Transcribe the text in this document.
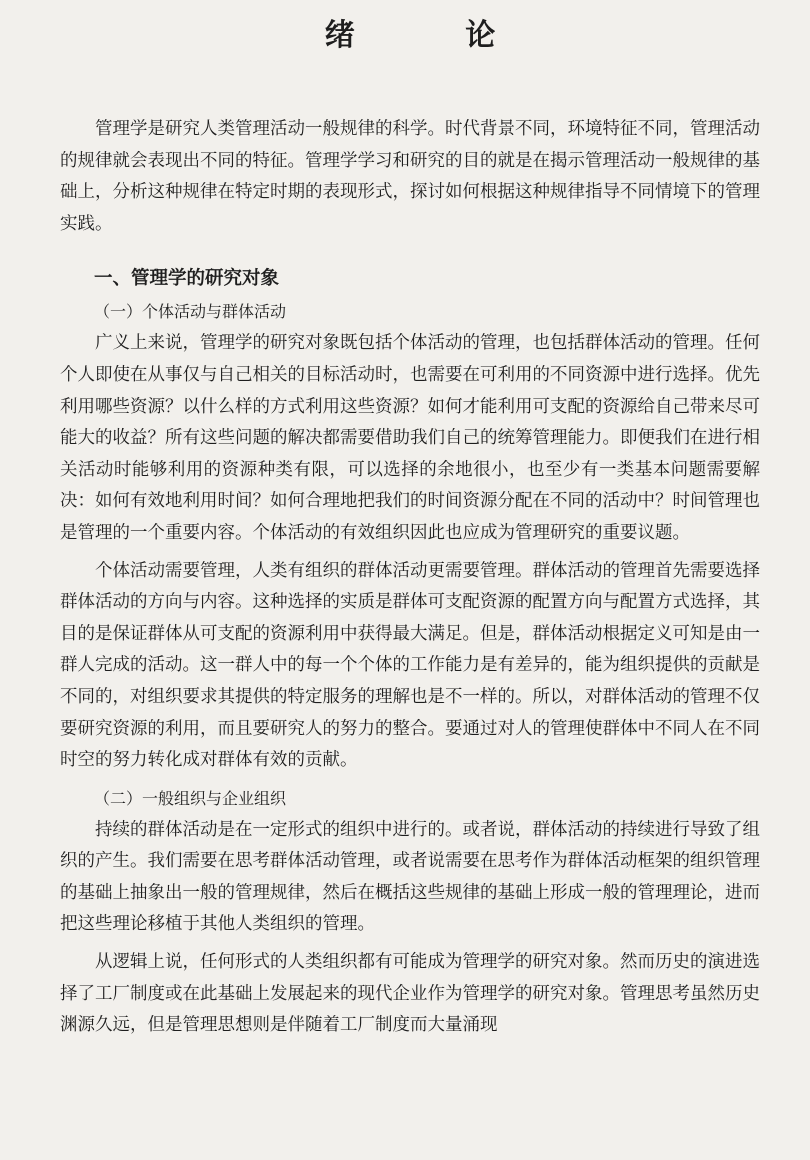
绪 论

管理学是研究人类管理活动一般规律的科学。时代背景不同，环境特征不同，管理活动的规律就会表现出不同的特征。管理学学习和研究的目的就是在揭示管理活动一般规律的基础上，分析这种规律在特定时期的表现形式，探讨如何根据这种规律指导不同情境下的管理实践。

一、管理学的研究对象
（一）个体活动与群体活动

广义上来说，管理学的研究对象既包括个体活动的管理，也包括群体活动的管理。任何个人即使在从事仅与自己相关的目标活动时，也需要在可利用的不同资源中进行选择。优先利用哪些资源？以什么样的方式利用这些资源？如何才能利用可支配的资源给自己带来尽可能大的收益？所有这些问题的解决都需要借助我们自己的统筹管理能力。即便我们在进行相关活动时能够利用的资源种类有限，可以选择的余地很小，也至少有一类基本问题需要解决：如何有效地利用时间？如何合理地把我们的时间资源分配在不同的活动中？时间管理也是管理的一个重要内容。个体活动的有效组织因此也应成为管理研究的重要议题。

个体活动需要管理，人类有组织的群体活动更需要管理。群体活动的管理首先需要选择群体活动的方向与内容。这种选择的实质是群体可支配资源的配置方向与配置方式选择，其目的是保证群体从可支配的资源利用中获得最大满足。但是，群体活动根据定义可知是由一群人完成的活动。这一群人中的每一个个体的工作能力是有差异的，能为组织提供的贡献是不同的，对组织要求其提供的特定服务的理解也是不一样的。所以，对群体活动的管理不仅要研究资源的利用，而且要研究人的努力的整合。要通过对人的管理使群体中不同人在不同时空的努力转化成对群体有效的贡献。

（二）一般组织与企业组织

持续的群体活动是在一定形式的组织中进行的。或者说，群体活动的持续进行导致了组织的产生。我们需要在思考群体活动管理，或者说需要在思考作为群体活动框架的组织管理的基础上抽象出一般的管理规律，然后在概括这些规律的基础上形成一般的管理理论，进而把这些理论移植于其他人类组织的管理。

从逻辑上说，任何形式的人类组织都有可能成为管理学的研究对象。然而历史的演进选择了工厂制度或在此基础上发展起来的现代企业作为管理学的研究对象。管理思考虽然历史渊源久远，但是管理思想则是伴随着工厂制度而大量涌现
